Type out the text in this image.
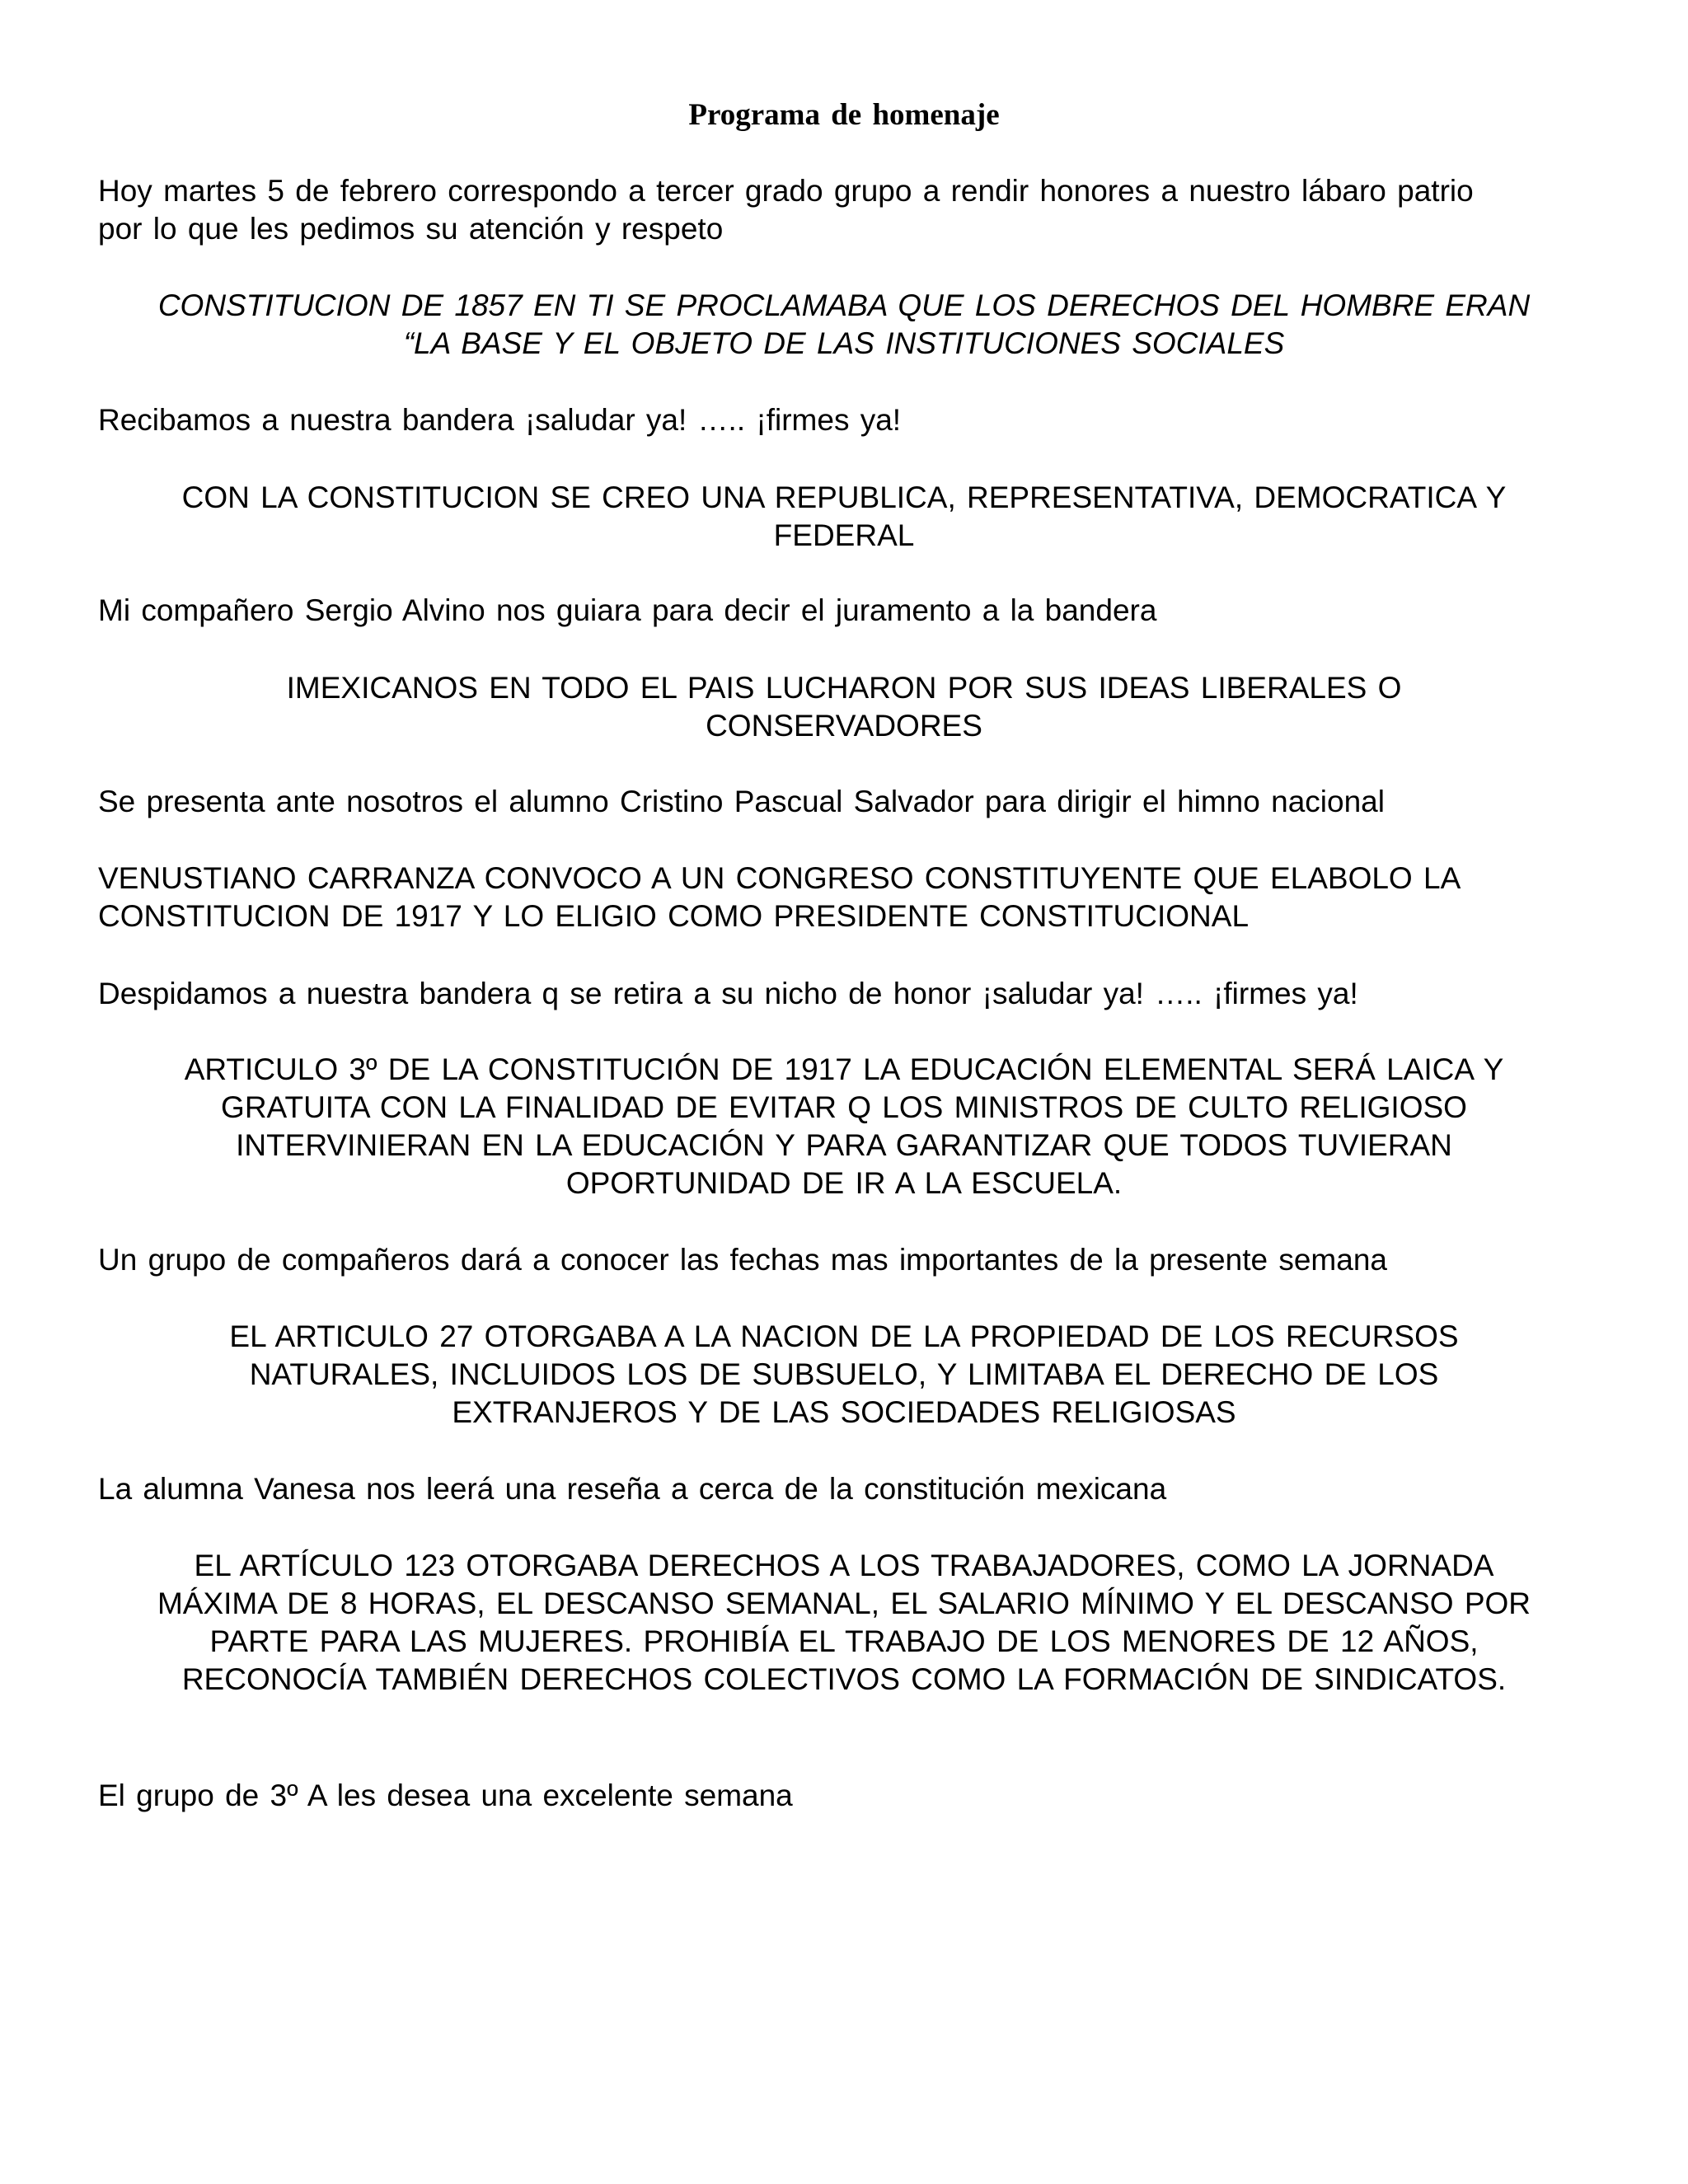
Programa de homenaje

Hoy martes 5 de febrero correspondo a tercer grado grupo a rendir honores a nuestro lábaro patrio

por lo que les pedimos su atención y respeto

CONSTITUCION DE 1857 EN TI SE PROCLAMABA QUE LOS DERECHOS DEL HOMBRE ERAN

“LA BASE Y EL OBJETO DE LAS INSTITUCIONES SOCIALES

Recibamos a nuestra bandera ¡saludar ya! ….. ¡firmes ya!

CON LA CONSTITUCION SE CREO UNA REPUBLICA, REPRESENTATIVA, DEMOCRATICA Y

FEDERAL

Mi compañero Sergio Alvino nos guiara para decir el juramento a la bandera

IMEXICANOS EN TODO EL PAIS LUCHARON POR SUS IDEAS LIBERALES O

CONSERVADORES

Se presenta ante nosotros el alumno Cristino Pascual Salvador para dirigir el himno nacional

VENUSTIANO CARRANZA CONVOCO A UN CONGRESO CONSTITUYENTE QUE ELABOLO LA

CONSTITUCION DE 1917 Y LO ELIGIO COMO PRESIDENTE CONSTITUCIONAL

Despidamos a nuestra bandera q se retira a su nicho de honor ¡saludar ya! ….. ¡firmes ya!

ARTICULO 3º DE LA CONSTITUCIÓN DE 1917 LA EDUCACIÓN ELEMENTAL SERÁ LAICA Y

GRATUITA CON LA FINALIDAD DE EVITAR Q LOS MINISTROS DE CULTO RELIGIOSO

INTERVINIERAN EN LA EDUCACIÓN Y PARA GARANTIZAR QUE TODOS TUVIERAN

OPORTUNIDAD DE IR A LA ESCUELA.

Un grupo de compañeros dará a conocer las fechas mas importantes de la presente semana

EL ARTICULO 27 OTORGABA A LA NACION DE LA PROPIEDAD DE LOS RECURSOS

NATURALES, INCLUIDOS LOS DE SUBSUELO, Y LIMITABA EL DERECHO DE LOS

EXTRANJEROS Y DE LAS SOCIEDADES RELIGIOSAS

La alumna Vanesa nos leerá una reseña a cerca de la constitución mexicana

EL ARTÍCULO 123 OTORGABA DERECHOS A LOS TRABAJADORES, COMO LA JORNADA

MÁXIMA DE 8 HORAS, EL DESCANSO SEMANAL, EL SALARIO MÍNIMO Y EL DESCANSO POR

PARTE PARA LAS MUJERES. PROHIBÍA EL TRABAJO DE LOS MENORES DE 12 AÑOS,

RECONOCÍA TAMBIÉN DERECHOS COLECTIVOS COMO LA FORMACIÓN DE SINDICATOS.

El grupo de 3º A les desea una excelente semana
